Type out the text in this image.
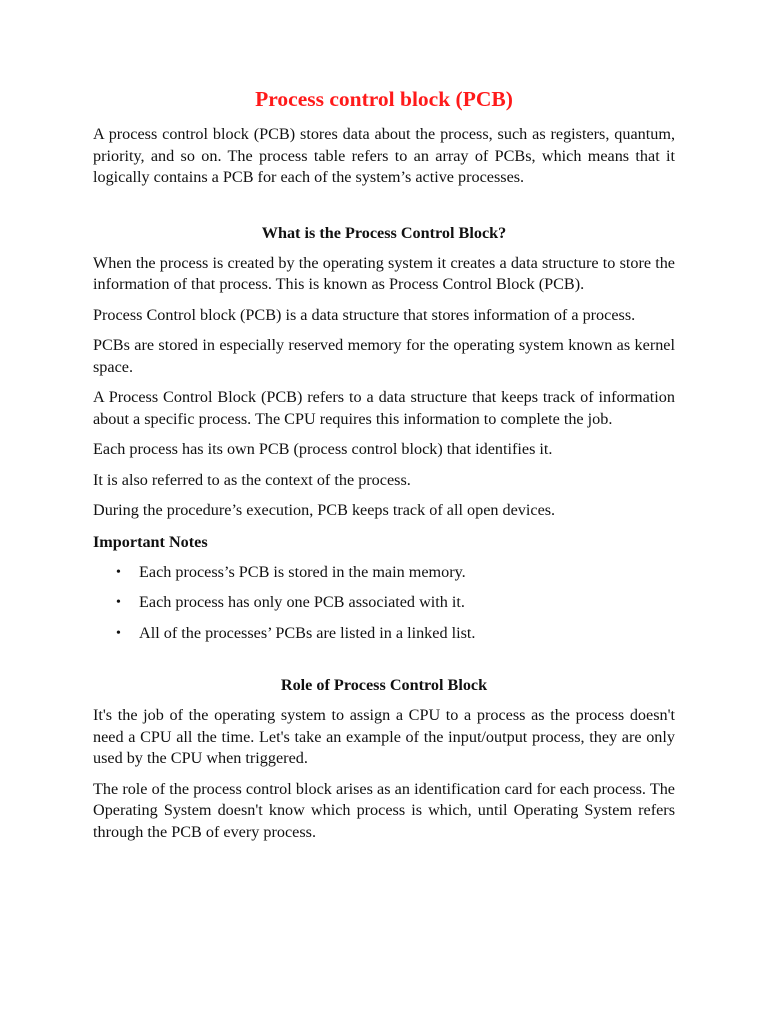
Process control block (PCB)

A process control block (PCB) stores data about the process, such as registers, quantum, priority, and so on. The process table refers to an array of PCBs, which means that it logically contains a PCB for each of the system’s active processes.

What is the Process Control Block?

When the process is created by the operating system it creates a data structure to store the information of that process. This is known as Process Control Block (PCB).

Process Control block (PCB) is a data structure that stores information of a process.

PCBs are stored in especially reserved memory for the operating system known as kernel space.

A Process Control Block (PCB) refers to a data structure that keeps track of information about a specific process. The CPU requires this information to complete the job.

Each process has its own PCB (process control block) that identifies it.

It is also referred to as the context of the process.

During the procedure’s execution, PCB keeps track of all open devices.

Important Notes
• Each process’s PCB is stored in the main memory.
• Each process has only one PCB associated with it.
• All of the processes’ PCBs are listed in a linked list.
Role of Process Control Block

It's the job of the operating system to assign a CPU to a process as the process doesn't need a CPU all the time. Let's take an example of the input/output process, they are only used by the CPU when triggered.

The role of the process control block arises as an identification card for each process. The Operating System doesn't know which process is which, until Operating System refers through the PCB of every process.
